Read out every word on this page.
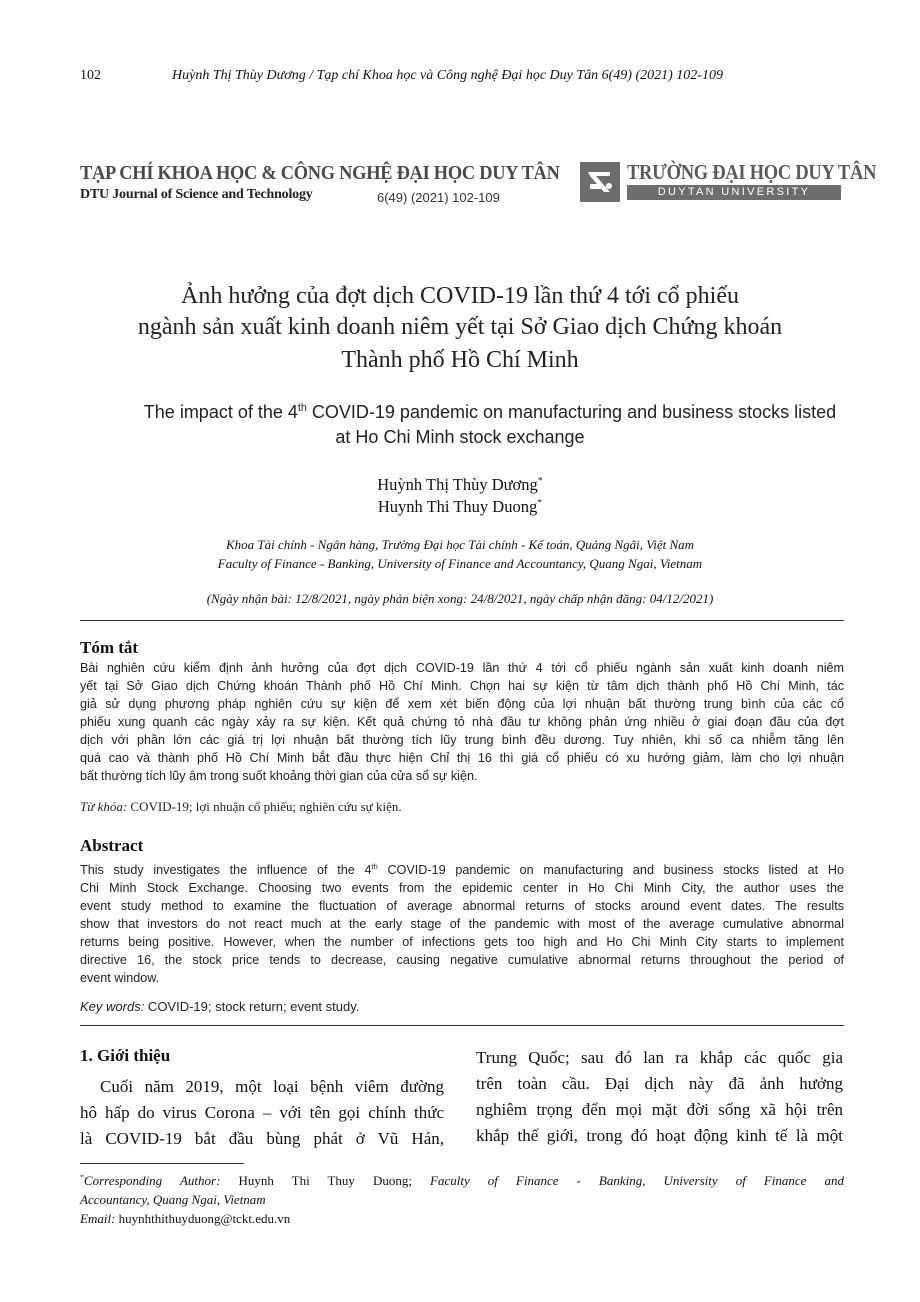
102	Huỳnh Thị Thùy Dương / Tạp chí Khoa học và Công nghệ Đại học Duy Tân 6(49) (2021) 102-109
TẠP CHÍ KHOA HỌC & CÔNG NGHỆ ĐẠI HỌC DUY TÂN
DTU Journal of Science and Technology	6(49) (2021) 102-109
TRƯỜNG ĐẠI HỌC DUY TÂN
DUYTAN UNIVERSITY
Ảnh hưởng của đợt dịch COVID-19 lần thứ 4 tới cổ phiếu
ngành sản xuất kinh doanh niêm yết tại Sở Giao dịch Chứng khoán
Thành phố Hồ Chí Minh
The impact of the 4th COVID-19 pandemic on manufacturing and business stocks listed
at Ho Chi Minh stock exchange
Huỳnh Thị Thùy Dương*
Huynh Thi Thuy Duong*
Khoa Tài chính - Ngân hàng, Trường Đại học Tài chính - Kế toán, Quảng Ngãi, Việt Nam
Faculty of Finance - Banking, University of Finance and Accountancy, Quang Ngai, Vietnam
(Ngày nhận bài: 12/8/2021, ngày phản biện xong: 24/8/2021, ngày chấp nhận đăng: 04/12/2021)
Tóm tắt
Bài nghiên cứu kiểm định ảnh hưởng của đợt dịch COVID-19 lần thứ 4 tới cổ phiếu ngành sản xuất kinh doanh niêm
yết tại Sở Giao dịch Chứng khoán Thành phố Hồ Chí Minh. Chọn hai sự kiện từ tâm dịch thành phố Hồ Chí Minh, tác
giả sử dụng phương pháp nghiên cứu sự kiện để xem xét biến động của lợi nhuận bất thường trung bình của các cổ
phiếu xung quanh các ngày xảy ra sự kiện. Kết quả chứng tỏ nhà đầu tư không phản ứng nhiều ở giai đoạn đầu của đợt
dịch với phần lớn các giá trị lợi nhuận bất thường tích lũy trung bình đều dương. Tuy nhiên, khi số ca nhiễm tăng lên
quá cao và thành phố Hồ Chí Minh bắt đầu thực hiện Chỉ thị 16 thì giá cổ phiếu có xu hướng giảm, làm cho lợi nhuận
bất thường tích lũy âm trong suốt khoảng thời gian của cửa sổ sự kiện.
Từ khóa: COVID-19; lợi nhuận cổ phiếu; nghiên cứu sự kiện.
Abstract
This study investigates the influence of the 4th COVID-19 pandemic on manufacturing and business stocks listed at Ho
Chi Minh Stock Exchange. Choosing two events from the epidemic center in Ho Chi Minh City, the author uses the
event study method to examine the fluctuation of average abnormal returns of stocks around event dates. The results
show that investors do not react much at the early stage of the pandemic with most of the average cumulative abnormal
returns being positive. However, when the number of infections gets too high and Ho Chi Minh City starts to implement
directive 16, the stock price tends to decrease, causing negative cumulative abnormal returns throughout the period of
event window.
Key words: COVID-19; stock return; event study.
1. Giới thiệu
Cuối năm 2019, một loại bệnh viêm đường
hô hấp do virus Corona – với tên gọi chính thức
là COVID-19 bắt đầu bùng phát ở Vũ Hán,
Trung Quốc; sau đó lan ra khắp các quốc gia
trên toàn cầu. Đại dịch này đã ảnh hưởng
nghiêm trọng đến mọi mặt đời sống xã hội trên
khắp thế giới, trong đó hoạt động kinh tế là một
*Corresponding Author: Huynh Thi Thuy Duong; Faculty of Finance - Banking, University of Finance and
Accountancy, Quang Ngai, Vietnam
Email: huynhthithuyduong@tckt.edu.vn
